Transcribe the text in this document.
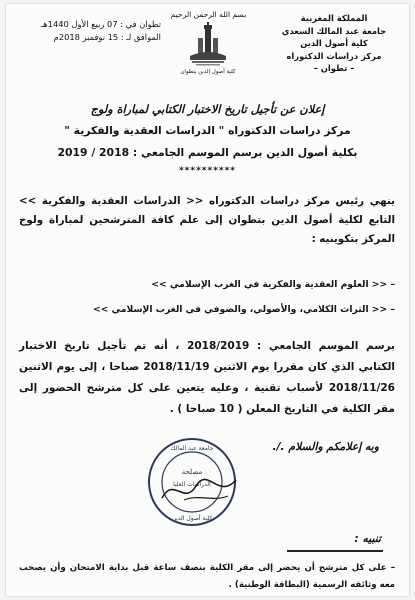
المملكة المغربية
جامعة عبد المالك السعدي
كلية أصول الدين
مركز دراسات الدكتوراه
– تطوان –
بسم الله الرحمن الرحيم
كلية أصول الدين بتطوان
تطوان في : 07 ربيع الأول 1440هـ
الموافق لـ : 15 نوفمبر 2018م
إعلان عن تأجيل تاريخ الاختبار الكتابي لمباراة ولوج
مركز دراسات الدكتوراه " الدراسات العقدية والفكرية "
بكلية أصول الدين برسم الموسم الجامعي : 2018 / 2019
**********

ينهي رئيس مركز دراسات الدكتوراه << الدراسات العقدية والفكرية >> التابع لكلية أصول الدين بتطوان إلى علم كافة المترشحين لمباراة ولوج المركز بتكوينيه :

– << العلوم العقدية والفكرية في الغرب الإسلامي >>
– << التراث الكلامي، والأصولي، والصوفي في الغرب الإسلامي >>

برسم الموسم الجامعي : 2018/2019 ، أنه تم تأجيل تاريخ الاختبار الكتابي الذي كان مقررا يوم الاثنين 2018/11/19 صباحا ، إلى يوم الاثنين 2018/11/26 لأسباب تقنية ، وعليه يتعين على كل مترشح الحضور إلى مقر الكلية في التاريخ المعلن ( 10 صباحا ) .

وبه إعلامكم والسلام ./.
جامعة عبد المالك
مصلحة
الدراسات العليا
كلية أصول الدين
تنبيه :

– على كل مترشح أن يحضر إلى مقر الكلية بنصف ساعة قبل بداية الامتحان وأن يصحب معه وثائقه الرسمية (البطاقة الوطنية) .
